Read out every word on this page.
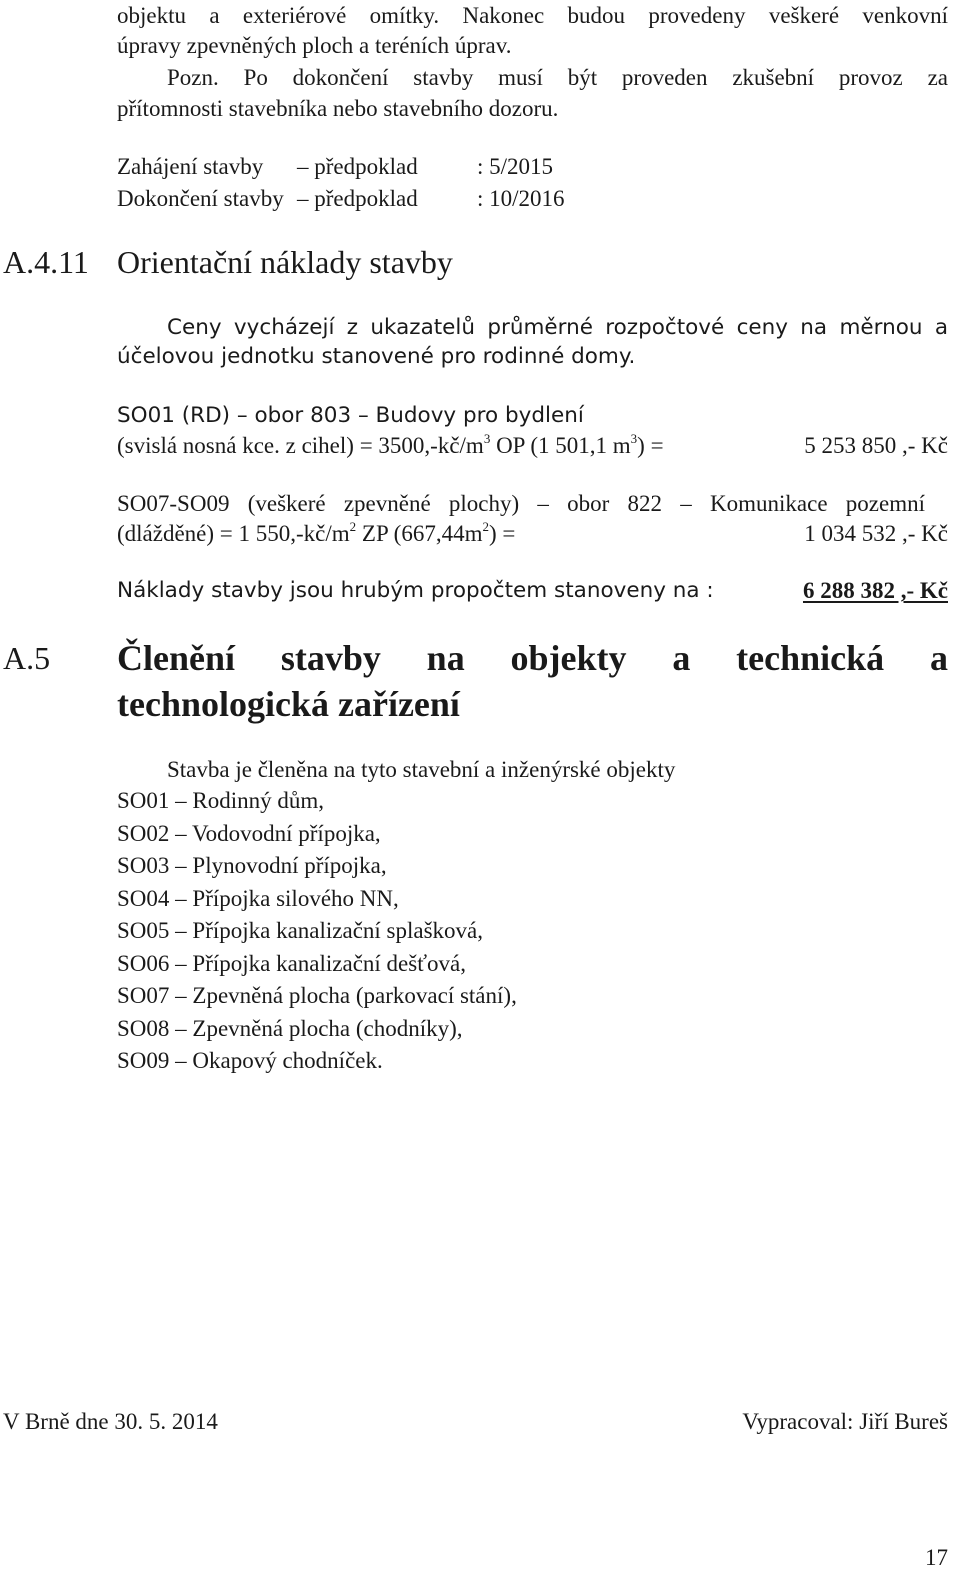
objektu a exteriérové omítky. Nakonec budou provedeny veškeré venkovní
úpravy zpevněných ploch a teréních úprav.
Pozn. Po dokončení stavby musí být proveden zkušební provoz za
přítomnosti stavebníka nebo stavebního dozoru.
Zahájení stavby – předpoklad	: 5/2015
Dokončení stavby – předpoklad	: 10/2016
A.4.11 Orientační náklady stavby
Ceny vycházejí z ukazatelů průměrné rozpočtové ceny na měrnou a
účelovou jednotku stanovené pro rodinné domy.
SO01 (RD) – obor 803 – Budovy pro bydlení
(svislá nosná kce. z cihel) = $3500,-kč/m^3$ OP (1 501,1 $m^3$) =	5 253 850 ,- Kč
SO07-SO09 (veškeré zpevněné plochy) – obor 822 – Komunikace pozemní
(dlážděné) = 1 $550,-kč/m^2$ ZP $(667,44m^2)$ =	1 034 532 ,- Kč
Náklady stavby jsou hrubým propočtem stanoveny na :	6 288 382 ,- Kč
A.5 Členění stavby na objekty a technická a
technologická zařízení
Stavba je členěna na tyto stavební a inženýrské objekty
SO01 – Rodinný dům,
SO02 – Vodovodní přípojka,
SO03 – Plynovodní přípojka,
SO04 – Přípojka silového NN,
SO05 – Přípojka kanalizační splašková,
SO06 – Přípojka kanalizační dešťová,
SO07 – Zpevněná plocha (parkovací stání),
SO08 – Zpevněná plocha (chodníky),
SO09 – Okapový chodníček.
V Brně dne 30. 5. 2014	Vypracoval: Jiří Bureš
17
